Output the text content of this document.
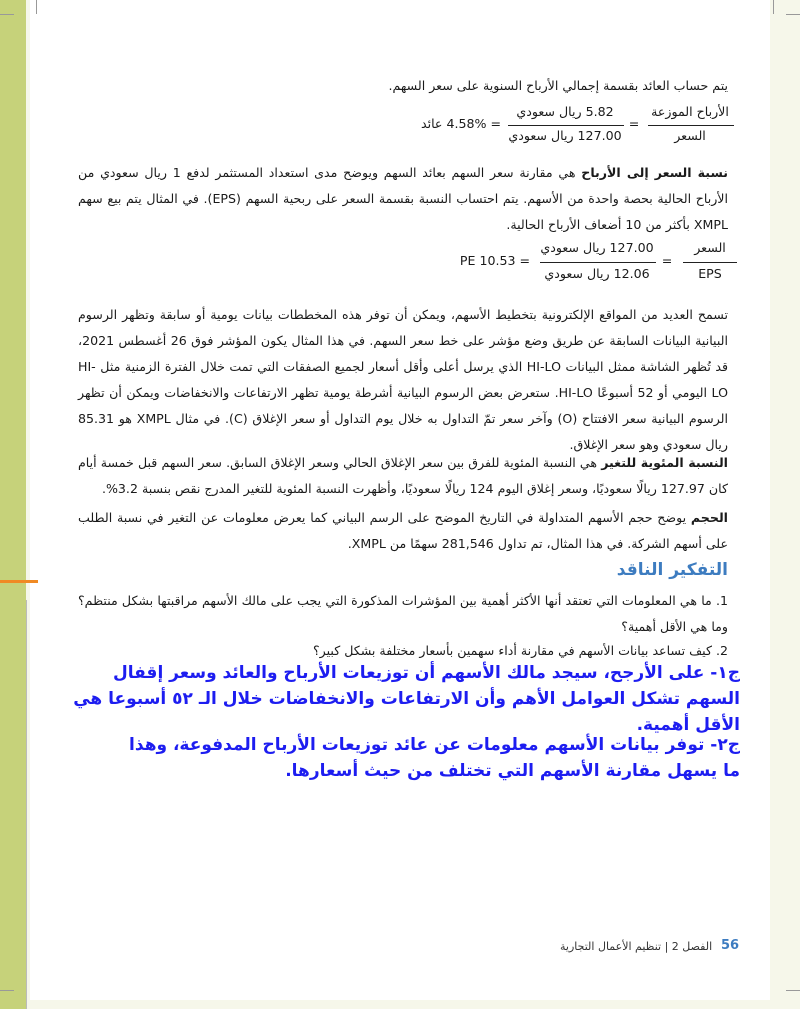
يتم حساب العائد بقسمة إجمالي الأرباح السنوية على سعر السهم.
الأرباح الموزعة
السعر
=
5.82 ريال سعودي
127.00 ريال سعودي
= 4.58% عائد
نسبة السعر إلى الأرباح هي مقارنة سعر السهم بعائد السهم ويوضح مدى استعداد المستثمر لدفع 1 ريال سعودي من الأرباح الحالية بحصة واحدة من الأسهم. يتم احتساب النسبة بقسمة السعر على ربحية السهم (EPS). في المثال يتم بيع سهم XMPL بأكثر من 10 أضعاف الأرباح الحالية.
السعر
EPS
=
127.00 ريال سعودي
12.06 ريال سعودي
= PE 10.53
تسمح العديد من المواقع الإلكترونية بتخطيط الأسهم، ويمكن أن توفر هذه المخططات بيانات يومية أو سابقة وتظهر الرسوم البيانية البيانات السابقة عن طريق وضع مؤشر على خط سعر السهم. في هذا المثال يكون المؤشر فوق 26 أغسطس 2021، قد تُظهر الشاشة ممثل البيانات HI-LO الذي يرسل أعلى وأقل أسعار لجميع الصفقات التي تمت خلال الفترة الزمنية مثل HI-LO اليومي أو 52 أسبوعًا HI-LO. ستعرض بعض الرسوم البيانية أشرطة يومية تظهر الارتفاعات والانخفاضات ويمكن أن تظهر الرسوم البيانية سعر الافتتاح (O) وآخر سعر تمّ التداول به خلال يوم التداول أو سعر الإغلاق (C). في مثال XMPL هو 85.31 ريال سعودي وهو سعر الإغلاق.
النسبة المئوية للتغير هي النسبة المئوية للفرق بين سعر الإغلاق الحالي وسعر الإغلاق السابق. سعر السهم قبل خمسة أيام كان 127.97 ريالًا سعوديًا، وسعر إغلاق اليوم 124 ريالًا سعوديًا، وأظهرت النسبة المئوية للتغير المدرج نقص بنسبة 3.2%.
الحجم يوضح حجم الأسهم المتداولة في التاريخ الموضح على الرسم البياني كما يعرض معلومات عن التغير في نسبة الطلب على أسهم الشركة. في هذا المثال، تم تداول 281,546 سهمًا من XMPL.
التفكير الناقد
1. ما هي المعلومات التي تعتقد أنها الأكثر أهمية بين المؤشرات المذكورة التي يجب على مالك الأسهم مراقبتها بشكل منتظم؟ وما هي الأقل أهمية؟
2. كيف تساعد بيانات الأسهم في مقارنة أداء سهمين بأسعار مختلفة بشكل كبير؟
ج١- على الأرجح، سيجد مالك الأسهم أن توزيعات الأرباح والعائد وسعر إقفال السهم تشكل العوامل الأهم وأن الارتفاعات والانخفاضات خلال الـ ٥٢ أسبوعا هي الأقل أهمية.
ج٢- توفر بيانات الأسهم معلومات عن عائد توزيعات الأرباح المدفوعة، وهذا ما يسهل مقارنة الأسهم التي تختلف من حيث أسعارها.
56
الفصل 2 | تنظيم الأعمال التجارية
